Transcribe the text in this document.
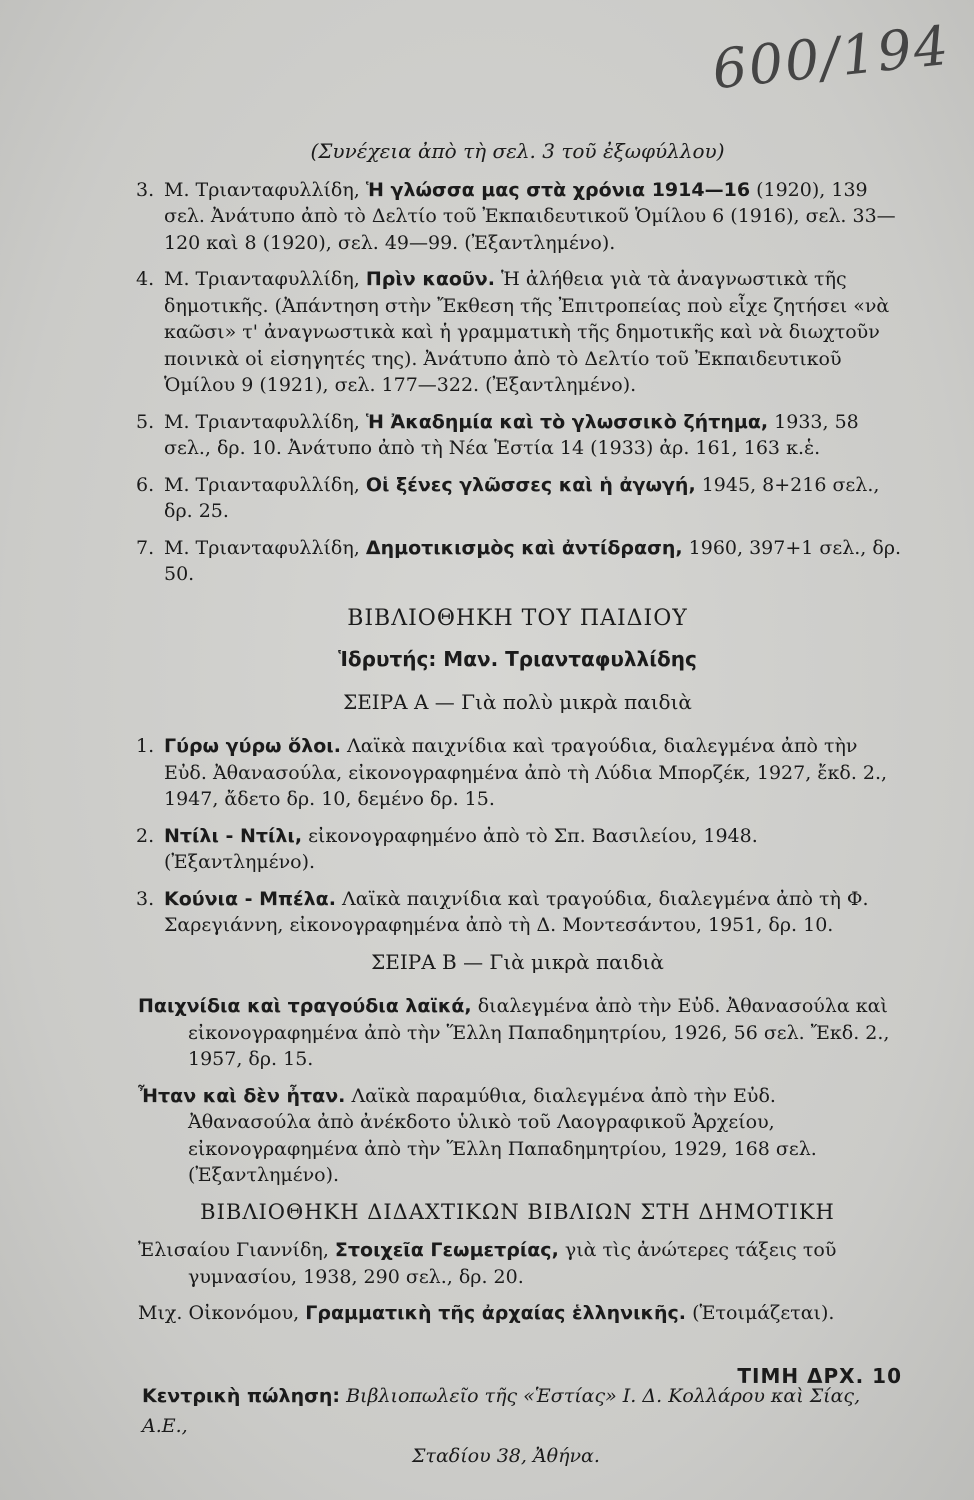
600/194
(Συνέχεια ἀπὸ τὴ σελ. 3 τοῦ ἐξωφύλλου)
3. Μ. Τριανταφυλλίδη, Ἡ γλώσσα μας στὰ χρόνια 1914—16 (1920), 139 σελ. Ἀνάτυπο ἀπὸ τὸ Δελτίο τοῦ Ἐκπαιδευτικοῦ Ὁμίλου 6 (1916), σελ. 33—120 καὶ 8 (1920), σελ. 49—99. (Ἐξαντλημένο).
4. Μ. Τριανταφυλλίδη, Πρὶν καοῦν. Ἡ ἀλήθεια γιὰ τὰ ἀναγνωστικὰ τῆς δημοτικῆς. (Ἀπάντηση στὴν Ἔκθεση τῆς Ἐπιτροπείας ποὺ εἶχε ζητήσει «νὰ καῶσι» τ' ἀναγνωστικὰ καὶ ἡ γραμματικὴ τῆς δημοτικῆς καὶ νὰ διωχτοῦν ποινικὰ οἱ εἰσηγητές της). Ἀνάτυπο ἀπὸ τὸ Δελτίο τοῦ Ἐκπαιδευτικοῦ Ὁμίλου 9 (1921), σελ. 177—322. (Ἐξαντλημένο).
5. Μ. Τριανταφυλλίδη, Ἡ Ἀκαδημία καὶ τὸ γλωσσικὸ ζήτημα, 1933, 58 σελ., δρ. 10. Ἀνάτυπο ἀπὸ τὴ Νέα Ἑστία 14 (1933) ἀρ. 161, 163 κ.ἑ.
6. Μ. Τριανταφυλλίδη, Οἱ ξένες γλῶσσες καὶ ἡ ἀγωγή, 1945, 8+216 σελ., δρ. 25.
7. Μ. Τριανταφυλλίδη, Δημοτικισμὸς καὶ ἀντίδραση, 1960, 397+1 σελ., δρ. 50.
ΒΙΒΛΙΟΘΗΚΗ ΤΟΥ ΠΑΙΔΙΟΥ
Ἱδρυτής: Μαν. Τριανταφυλλίδης
ΣΕΙΡΑ Α — Γιὰ πολὺ μικρὰ παιδιὰ
1. Γύρω γύρω ὅλοι. Λαϊκὰ παιχνίδια καὶ τραγούδια, διαλεγμένα ἀπὸ τὴν Εὐδ. Ἀθανασούλα, εἰκονογραφημένα ἀπὸ τὴ Λύδια Μπορζέκ, 1927, ἔκδ. 2., 1947, ἄδετο δρ. 10, δεμένο δρ. 15.
2. Ντίλι - Ντίλι, εἰκονογραφημένο ἀπὸ τὸ Σπ. Βασιλείου, 1948. (Ἐξαντλημένο).
3. Κούνια - Μπέλα. Λαϊκὰ παιχνίδια καὶ τραγούδια, διαλεγμένα ἀπὸ τὴ Φ. Σαρεγιάννη, εἰκονογραφημένα ἀπὸ τὴ Δ. Μοντεσάντου, 1951, δρ. 10.
ΣΕΙΡΑ Β — Γιὰ μικρὰ παιδιὰ
Παιχνίδια καὶ τραγούδια λαϊκά, διαλεγμένα ἀπὸ τὴν Εὐδ. Ἀθανασούλα καὶ εἰκονογραφημένα ἀπὸ τὴν Ἕλλη Παπαδημητρίου, 1926, 56 σελ. Ἔκδ. 2., 1957, δρ. 15.
Ἦταν καὶ δὲν ἦταν. Λαϊκὰ παραμύθια, διαλεγμένα ἀπὸ τὴν Εὐδ. Ἀθανασούλα ἀπὸ ἀνέκδοτο ὑλικὸ τοῦ Λαογραφικοῦ Ἀρχείου, εἰκονογραφημένα ἀπὸ τὴν Ἕλλη Παπαδημητρίου, 1929, 168 σελ. (Ἐξαντλημένο).
ΒΙΒΛΙΟΘΗΚΗ ΔΙΔΑΧΤΙΚΩΝ ΒΙΒΛΙΩΝ ΣΤΗ ΔΗΜΟΤΙΚΗ
Ἐλισαίου Γιαννίδη, Στοιχεῖα Γεωμετρίας, γιὰ τὶς ἀνώτερες τάξεις τοῦ γυμνασίου, 1938, 290 σελ., δρ. 20.
Μιχ. Οἰκονόμου, Γραμματικὴ τῆς ἀρχαίας ἑλληνικῆς. (Ἑτοιμάζεται).
Κεντρικὴ πώληση: Βιβλιοπωλεῖο τῆς «Ἑστίας» Ι. Δ. Κολλάρου καὶ Σίας, Α.Ε.,
Σταδίου 38, Ἀθήνα.
ΤΙΜΗ ΔΡΧ. 10
